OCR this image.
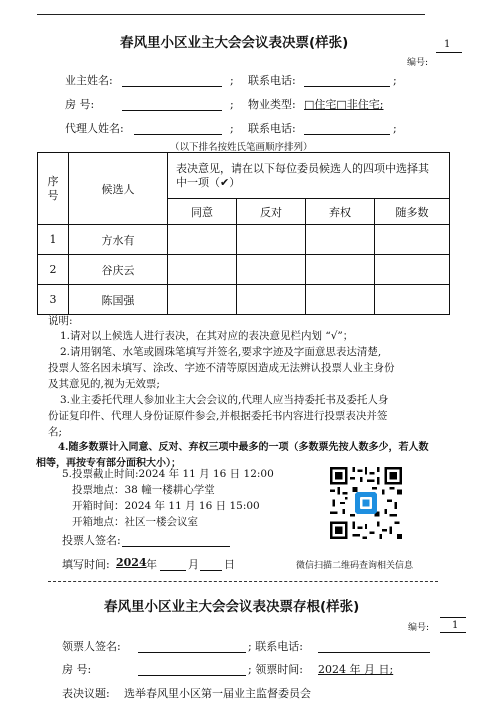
春风里小区业主大会会议表决票(样张)	1
编号:
业主姓名:	; 联系电话:	;
房 号:	; 物业类型: □住宅□非住宅;
代理人姓名:	; 联系电话:	;
（以下排名按姓氏笔画顺序排列）
序号	候选人	表决意见，请在以下每位委员候选人的四项中选择其中一项（✔）			

		同意	反对	弃权	随多数
1	方水有				
2	谷庆云				
3	陈国强				
说明:
1.请对以上候选人进行表决，在其对应的表决意见栏内划 “√”；
2.请用钢笔、水笔或圆珠笔填写并签名,要求字迹及字面意思表达清楚,
投票人签名因未填写、涂改、字迹不清等原因造成无法辨认投票人业主身份
及其意见的,视为无效票;
3.业主委托代理人参加业主大会会议的,代理人应当持委托书及委托人身
份证复印件、代理人身份证原件参会,并根据委托书内容进行投票表决并签
名;
4.随多数票计入同意、反对、弃权三项中最多的一项（多数票先按人数多少，若人数
相等，再按专有部分面积大小）；
5.投票截止时间:2024 年 11 月 16 日 12:00
投票地点：38 幢一楼耕心学堂
开箱时间：2024 年 11 月 16 日 15:00
开箱地点：社区一楼会议室
投票人签名:
填写时间: 2024 年	月 日	微信扫描二维码查询相关信息
春风里小区业主大会会议表决票存根(样张)
编号: 1
领票人签名:	; 联系电话:
房 号:	; 领票时间: 2024 年 月 日;
表决议题: 选举春风里小区第一届业主监督委员会
